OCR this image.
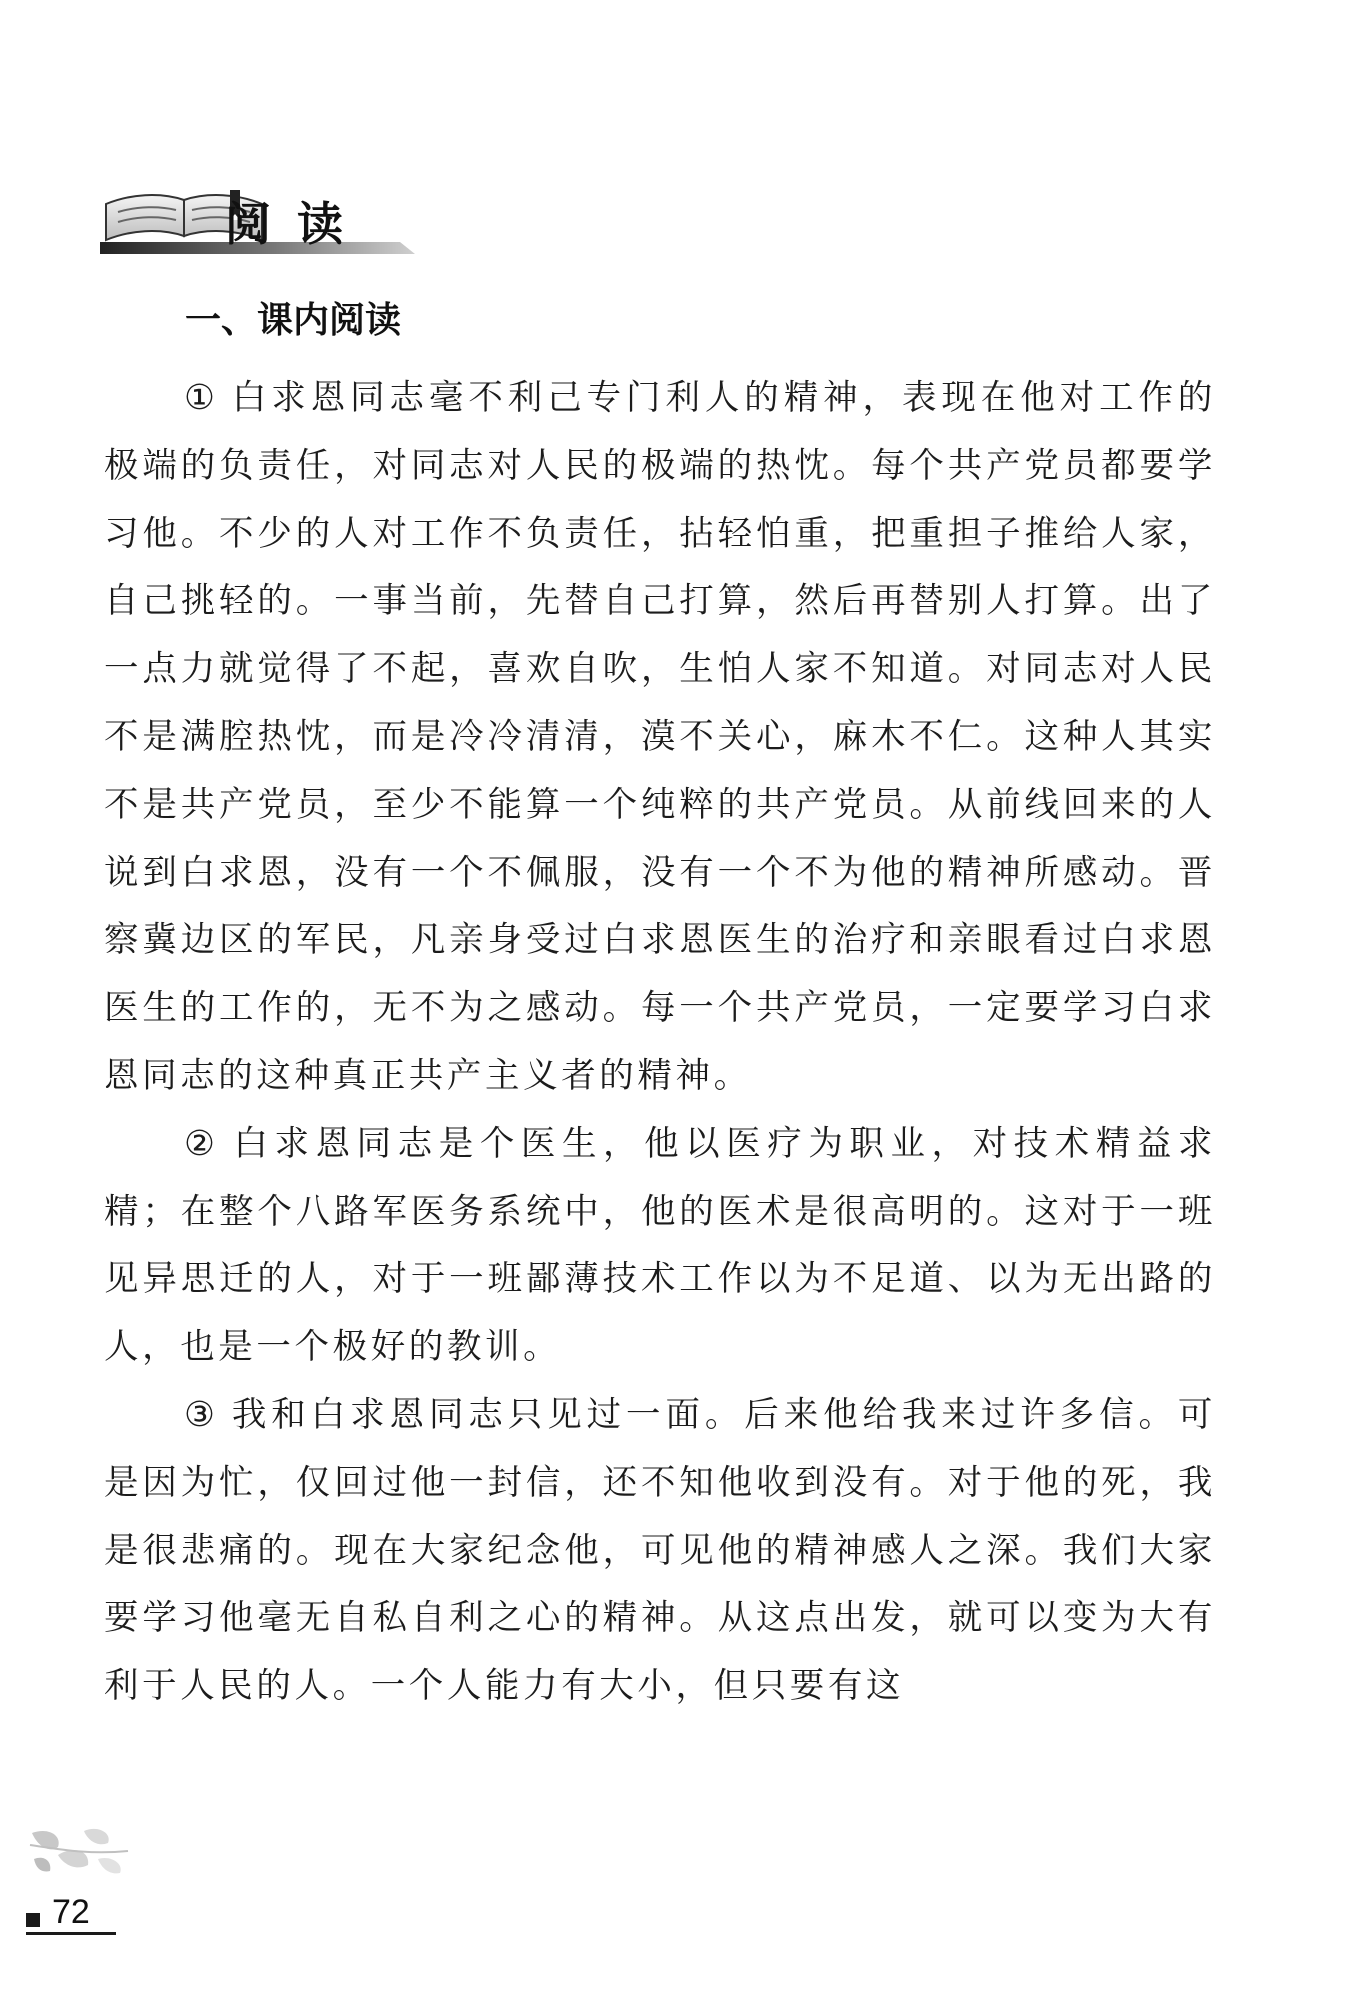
阅读
一、课内阅读

① 白求恩同志毫不利己专门利人的精神，表现在他对工作的极端的负责任，对同志对人民的极端的热忱。每个共产党员都要学习他。不少的人对工作不负责任，拈轻怕重，把重担子推给人家，自己挑轻的。一事当前，先替自己打算，然后再替别人打算。出了一点力就觉得了不起，喜欢自吹，生怕人家不知道。对同志对人民不是满腔热忱，而是冷冷清清，漠不关心，麻木不仁。这种人其实不是共产党员，至少不能算一个纯粹的共产党员。从前线回来的人说到白求恩，没有一个不佩服，没有一个不为他的精神所感动。晋察冀边区的军民，凡亲身受过白求恩医生的治疗和亲眼看过白求恩医生的工作的，无不为之感动。每一个共产党员，一定要学习白求恩同志的这种真正共产主义者的精神。

② 白求恩同志是个医生，他以医疗为职业，对技术精益求精；在整个八路军医务系统中，他的医术是很高明的。这对于一班见异思迁的人，对于一班鄙薄技术工作以为不足道、以为无出路的人，也是一个极好的教训。

③ 我和白求恩同志只见过一面。后来他给我来过许多信。可是因为忙，仅回过他一封信，还不知他收到没有。对于他的死，我是很悲痛的。现在大家纪念他，可见他的精神感人之深。我们大家要学习他毫无自私自利之心的精神。从这点出发，就可以变为大有利于人民的人。一个人能力有大小，但只要有这

72
